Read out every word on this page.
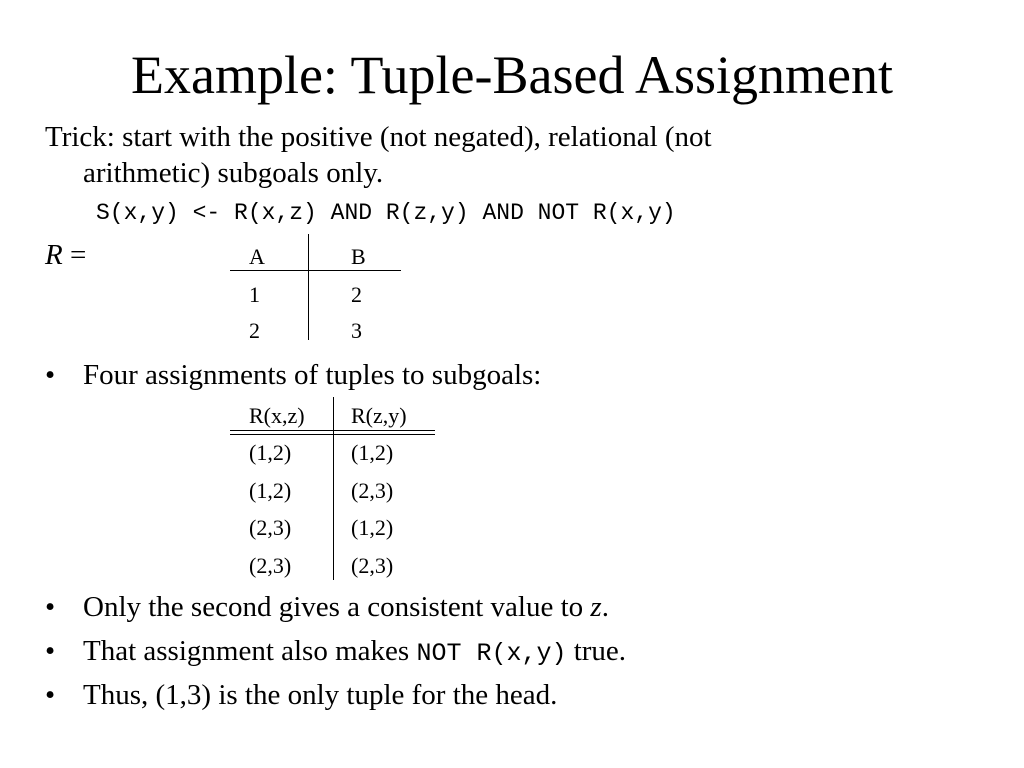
Example: Tuple-Based Assignment
Trick: start with the positive (not negated), relational (not
arithmetic) subgoals only.
S(x,y) <- R(x,z) AND R(z,y) AND NOT R(x,y)
R =	A	B
1	2
2	3
• Four assignments of tuples to subgoals:
R(x,z) R(z,y)
(1,2)	(1,2)
(1,2)	(2,3)
(2,3)	(1,2)
(2,3)	(2,3)
• Only the second gives a consistent value to z.
• That assignment also makes NOT R(x,y) true.
• Thus, (1,3) is the only tuple for the head.
